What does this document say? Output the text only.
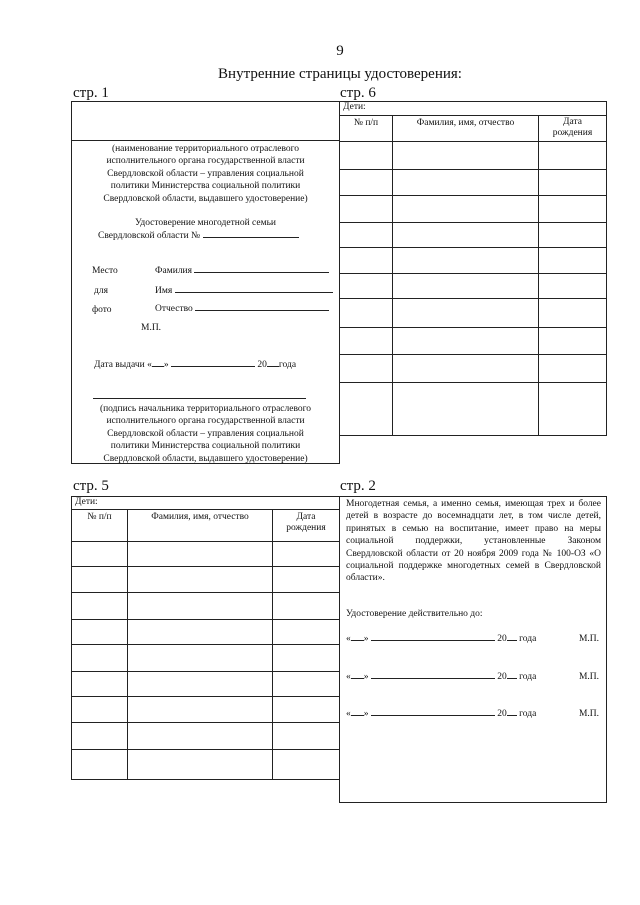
9
Внутренние страницы удостоверения:
стр. 1	стр. 6
стр. 5	стр. 2
(наименование территориального отраслевого
исполнительного органа государственной власти
Свердловской области – управления социальной
политики Министерства социальной политики
Свердловской области, выдавшего удостоверение)
Удостоверение многодетной семьи
Свердловской области №
Место
для
фото
Фамилия
Имя
Отчество
М.П.
Дата выдачи « »	20 года
(подпись начальника территориального отраслевого
исполнительного органа государственной власти
Свердловской области – управления социальной
политики Министерства социальной политики
Свердловской области, выдавшего удостоверение)
Дети:		
№ п/п	Фамилия, имя, отчество	Дата
рождения

Дети:		
№ п/п	Фамилия, имя, отчество	Дата
рождения

Многодетная семья, а именно семья, имеющая трех и более детей в возрасте до восемнадцати лет, в том числе детей, принятых в семью на воспитание, имеет право на меры социальной поддержки, установленные Законом Свердловской области от 20 ноября 2009 года № 100-ОЗ «О социальной поддержке многодетных семей в Свердловской области».
Удостоверение действительно до:
« »	20 года	М.П.
« »	20 года	М.П.
« »	20 года	М.П.
